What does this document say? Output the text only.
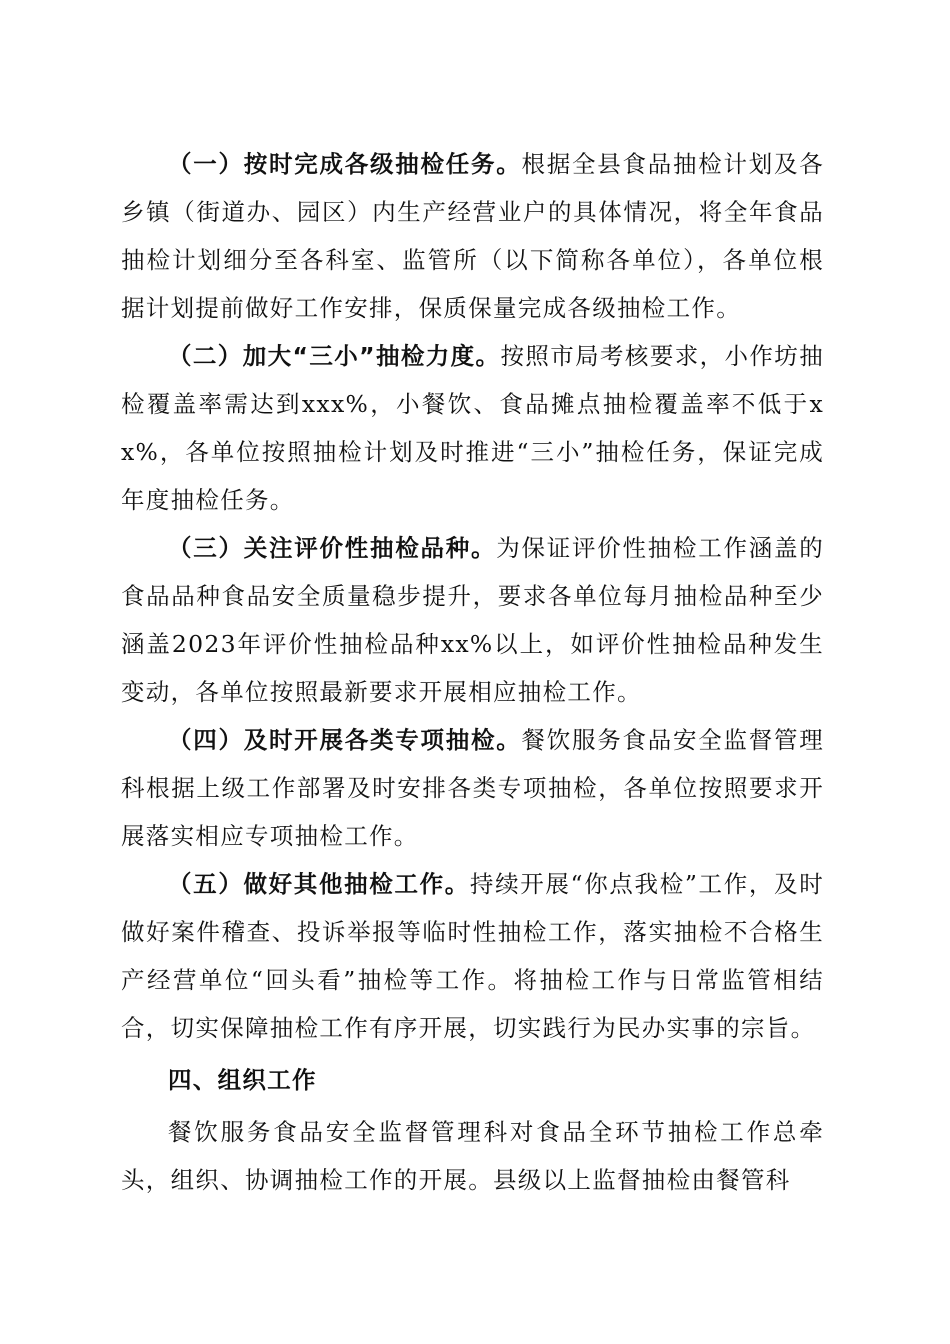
（一）按时完成各级抽检任务。根据全县食品抽检计划及各乡镇（街道办、园区）内生产经营业户的具体情况，将全年食品抽检计划细分至各科室、监管所（以下简称各单位），各单位根据计划提前做好工作安排，保质保量完成各级抽检工作。

（二）加大“三小”抽检力度。按照市局考核要求，小作坊抽检覆盖率需达到xxx%，小餐饮、食品摊点抽检覆盖率不低于xx%，各单位按照抽检计划及时推进“三小”抽检任务，保证完成年度抽检任务。

（三）关注评价性抽检品种。为保证评价性抽检工作涵盖的食品品种食品安全质量稳步提升，要求各单位每月抽检品种至少涵盖2023年评价性抽检品种xx%以上，如评价性抽检品种发生变动，各单位按照最新要求开展相应抽检工作。

（四）及时开展各类专项抽检。餐饮服务食品安全监督管理科根据上级工作部署及时安排各类专项抽检，各单位按照要求开展落实相应专项抽检工作。

（五）做好其他抽检工作。持续开展“你点我检”工作，及时做好案件稽查、投诉举报等临时性抽检工作，落实抽检不合格生产经营单位“回头看”抽检等工作。将抽检工作与日常监管相结合，切实保障抽检工作有序开展，切实践行为民办实事的宗旨。

四、组织工作

餐饮服务食品安全监督管理科对食品全环节抽检工作总牵头，组织、协调抽检工作的开展。县级以上监督抽检由餐管科
